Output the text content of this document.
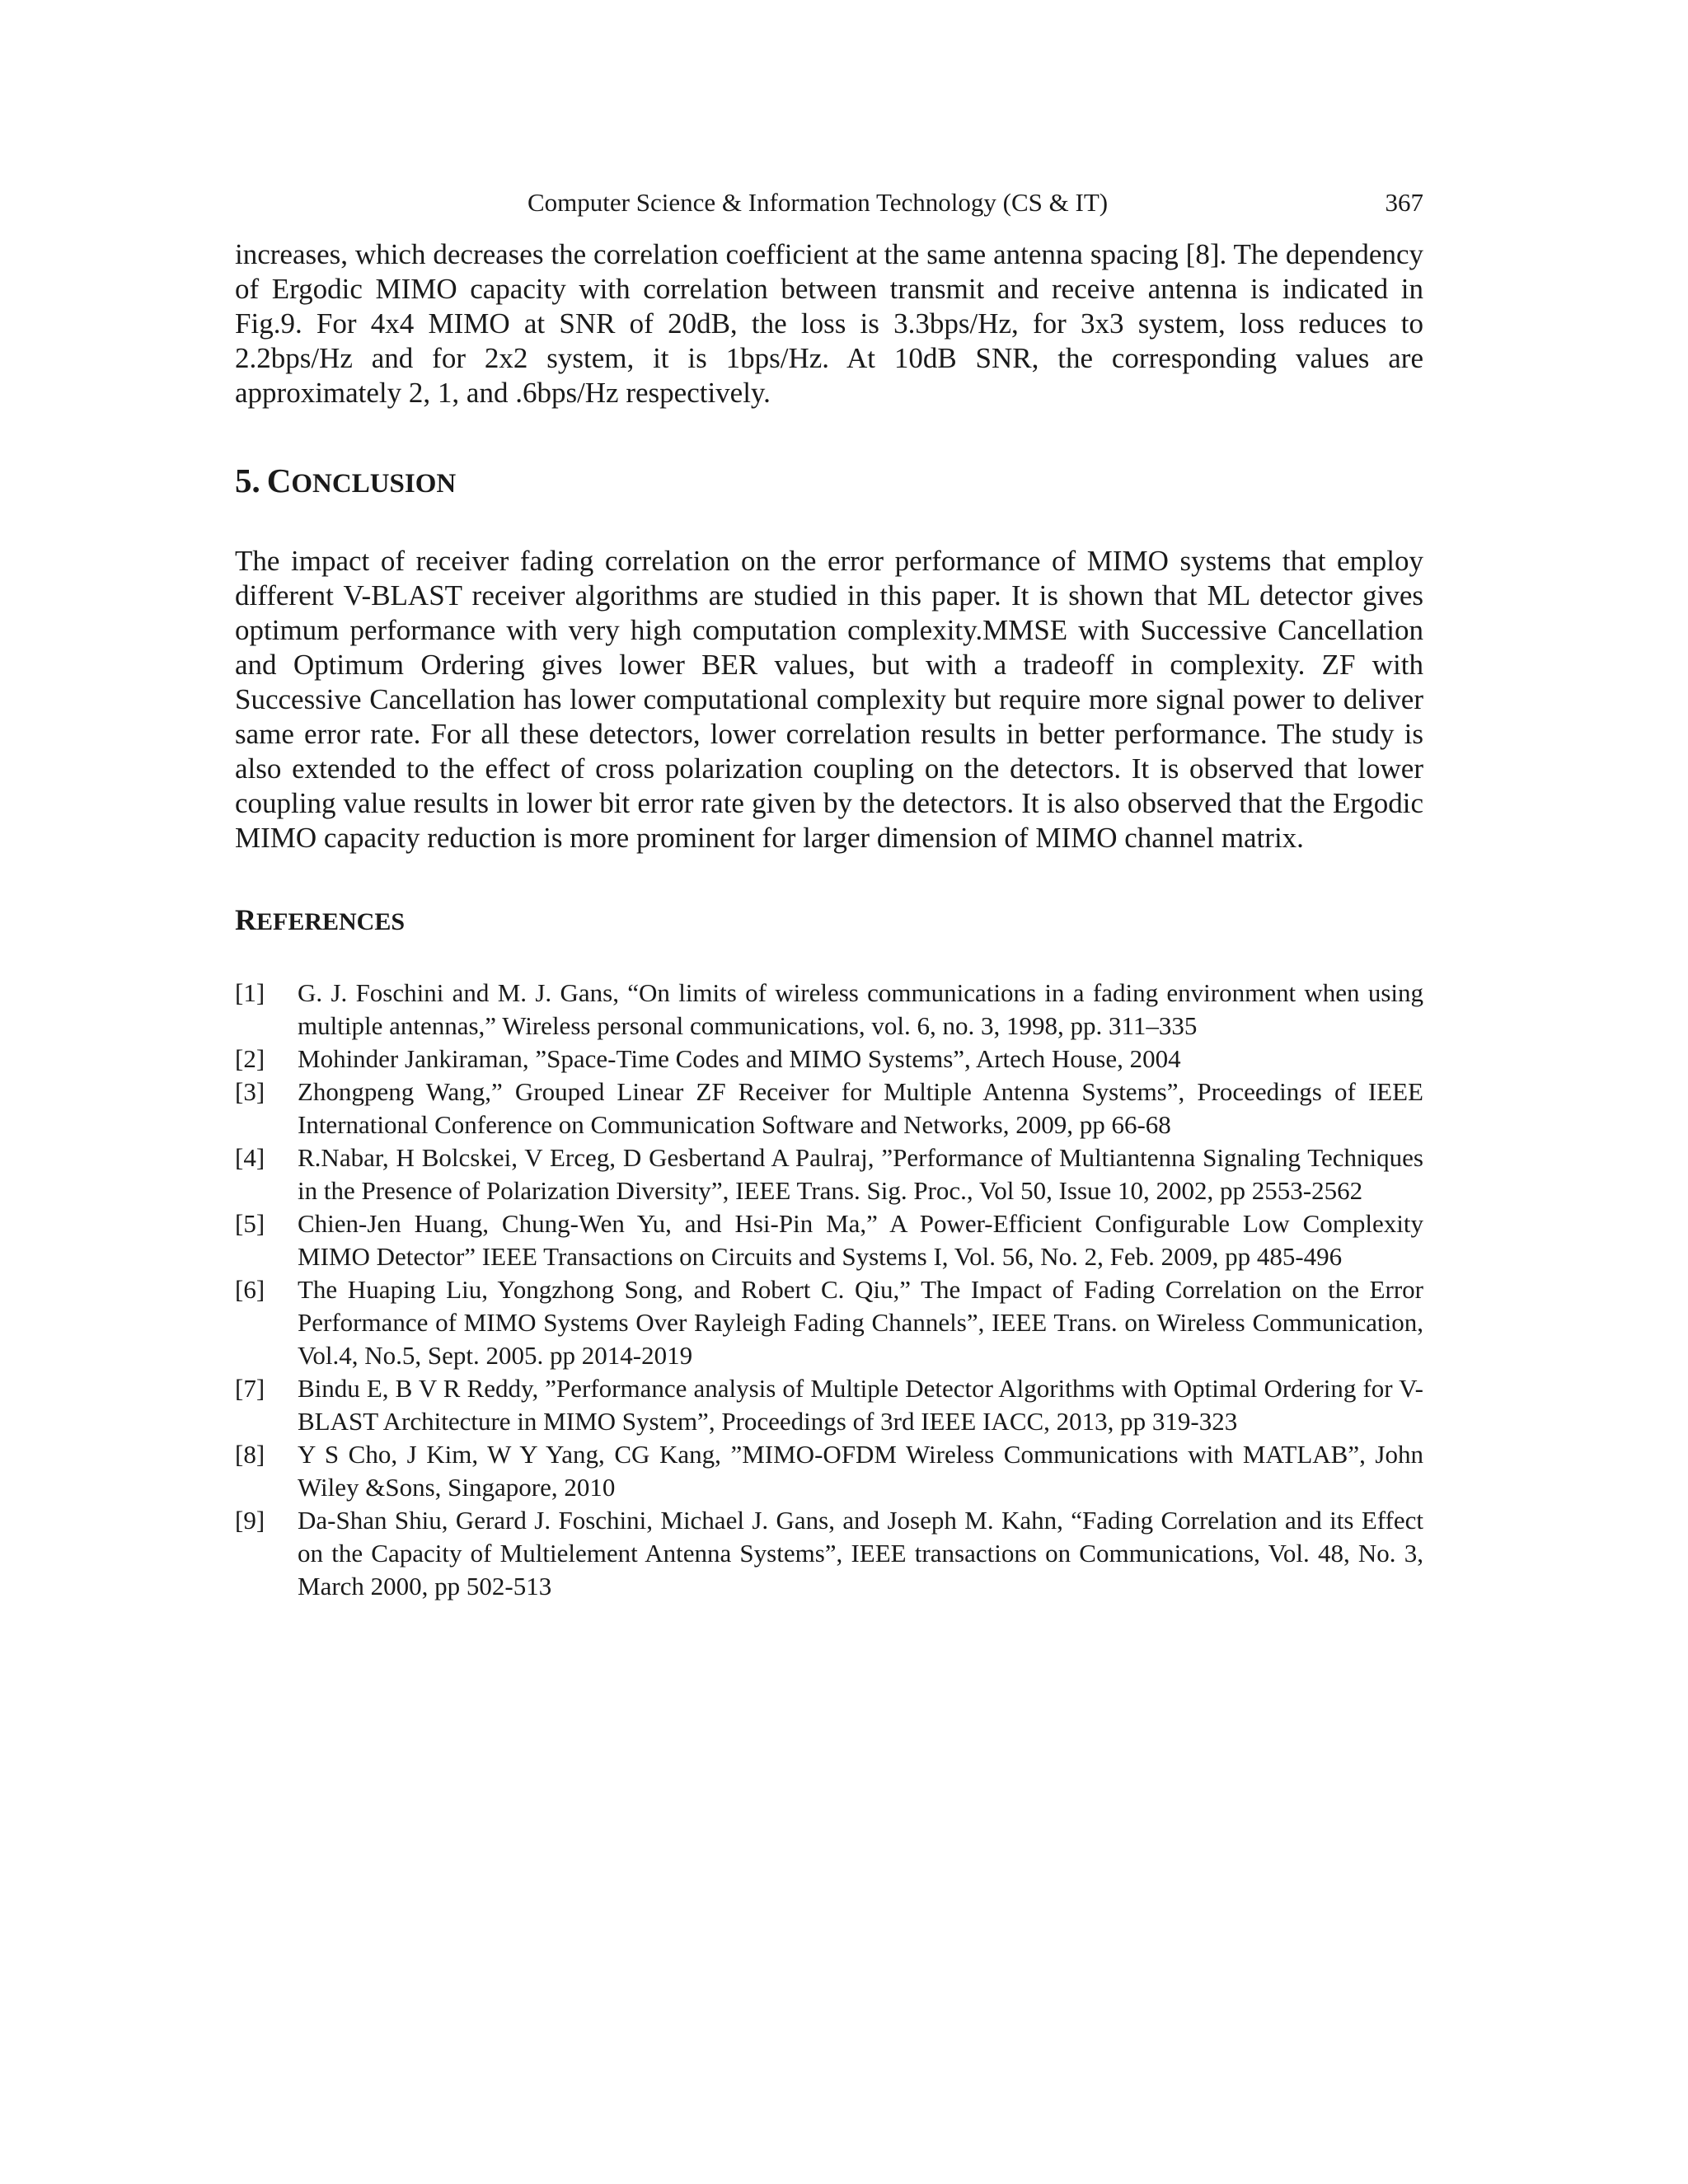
Computer Science & Information Technology (CS & IT)	367

increases, which decreases the correlation coefficient at the same antenna spacing [8]. The dependency of Ergodic MIMO capacity with correlation between transmit and receive antenna is indicated in Fig.9. For 4x4 MIMO at SNR of 20dB, the loss is 3.3bps/Hz, for 3x3 system, loss reduces to 2.2bps/Hz and for 2x2 system, it is 1bps/Hz. At 10dB SNR, the corresponding values are approximately 2, 1, and .6bps/Hz respectively.

5. CONCLUSION

The impact of receiver fading correlation on the error performance of MIMO systems that employ different V-BLAST receiver algorithms are studied in this paper. It is shown that ML detector gives optimum performance with very high computation complexity.MMSE with Successive Cancellation and Optimum Ordering gives lower BER values, but with a tradeoff in complexity. ZF with Successive Cancellation has lower computational complexity but require more signal power to deliver same error rate. For all these detectors, lower correlation results in better performance. The study is also extended to the effect of cross polarization coupling on the detectors. It is observed that lower coupling value results in lower bit error rate given by the detectors. It is also observed that the Ergodic MIMO capacity reduction is more prominent for larger dimension of MIMO channel matrix.

REFERENCES
[1]	G. J. Foschini and M. J. Gans, “On limits of wireless communications in a fading environment when using multiple antennas,” Wireless personal communications, vol. 6, no. 3, 1998, pp. 311–335
[2]	Mohinder Jankiraman, ”Space-Time Codes and MIMO Systems”, Artech House, 2004
[3]	Zhongpeng Wang,” Grouped Linear ZF Receiver for Multiple Antenna Systems”, Proceedings of IEEE International Conference on Communication Software and Networks, 2009, pp 66-68
[4]	R.Nabar, H Bolcskei, V Erceg, D Gesbertand A Paulraj, ”Performance of Multiantenna Signaling Techniques in the Presence of Polarization Diversity”, IEEE Trans. Sig. Proc., Vol 50, Issue 10, 2002, pp 2553-2562
[5]	Chien-Jen Huang, Chung-Wen Yu, and Hsi-Pin Ma,” A Power-Efficient Configurable Low Complexity MIMO Detector” IEEE Transactions on Circuits and Systems I, Vol. 56, No. 2, Feb. 2009, pp 485-496
[6]	The Huaping Liu, Yongzhong Song, and Robert C. Qiu,” The Impact of Fading Correlation on the Error Performance of MIMO Systems Over Rayleigh Fading Channels”, IEEE Trans. on Wireless Communication, Vol.4, No.5, Sept. 2005. pp 2014-2019
[7]	Bindu E, B V R Reddy, ”Performance analysis of Multiple Detector Algorithms with Optimal Ordering for V-BLAST Architecture in MIMO System”, Proceedings of 3rd IEEE IACC, 2013, pp 319-323
[8]	Y S Cho, J Kim, W Y Yang, CG Kang, ”MIMO-OFDM Wireless Communications with MATLAB”, John Wiley &Sons, Singapore, 2010
[9]	Da-Shan Shiu, Gerard J. Foschini, Michael J. Gans, and Joseph M. Kahn, “Fading Correlation and its Effect on the Capacity of Multielement Antenna Systems”, IEEE transactions on Communications, Vol. 48, No. 3, March 2000, pp 502-513
